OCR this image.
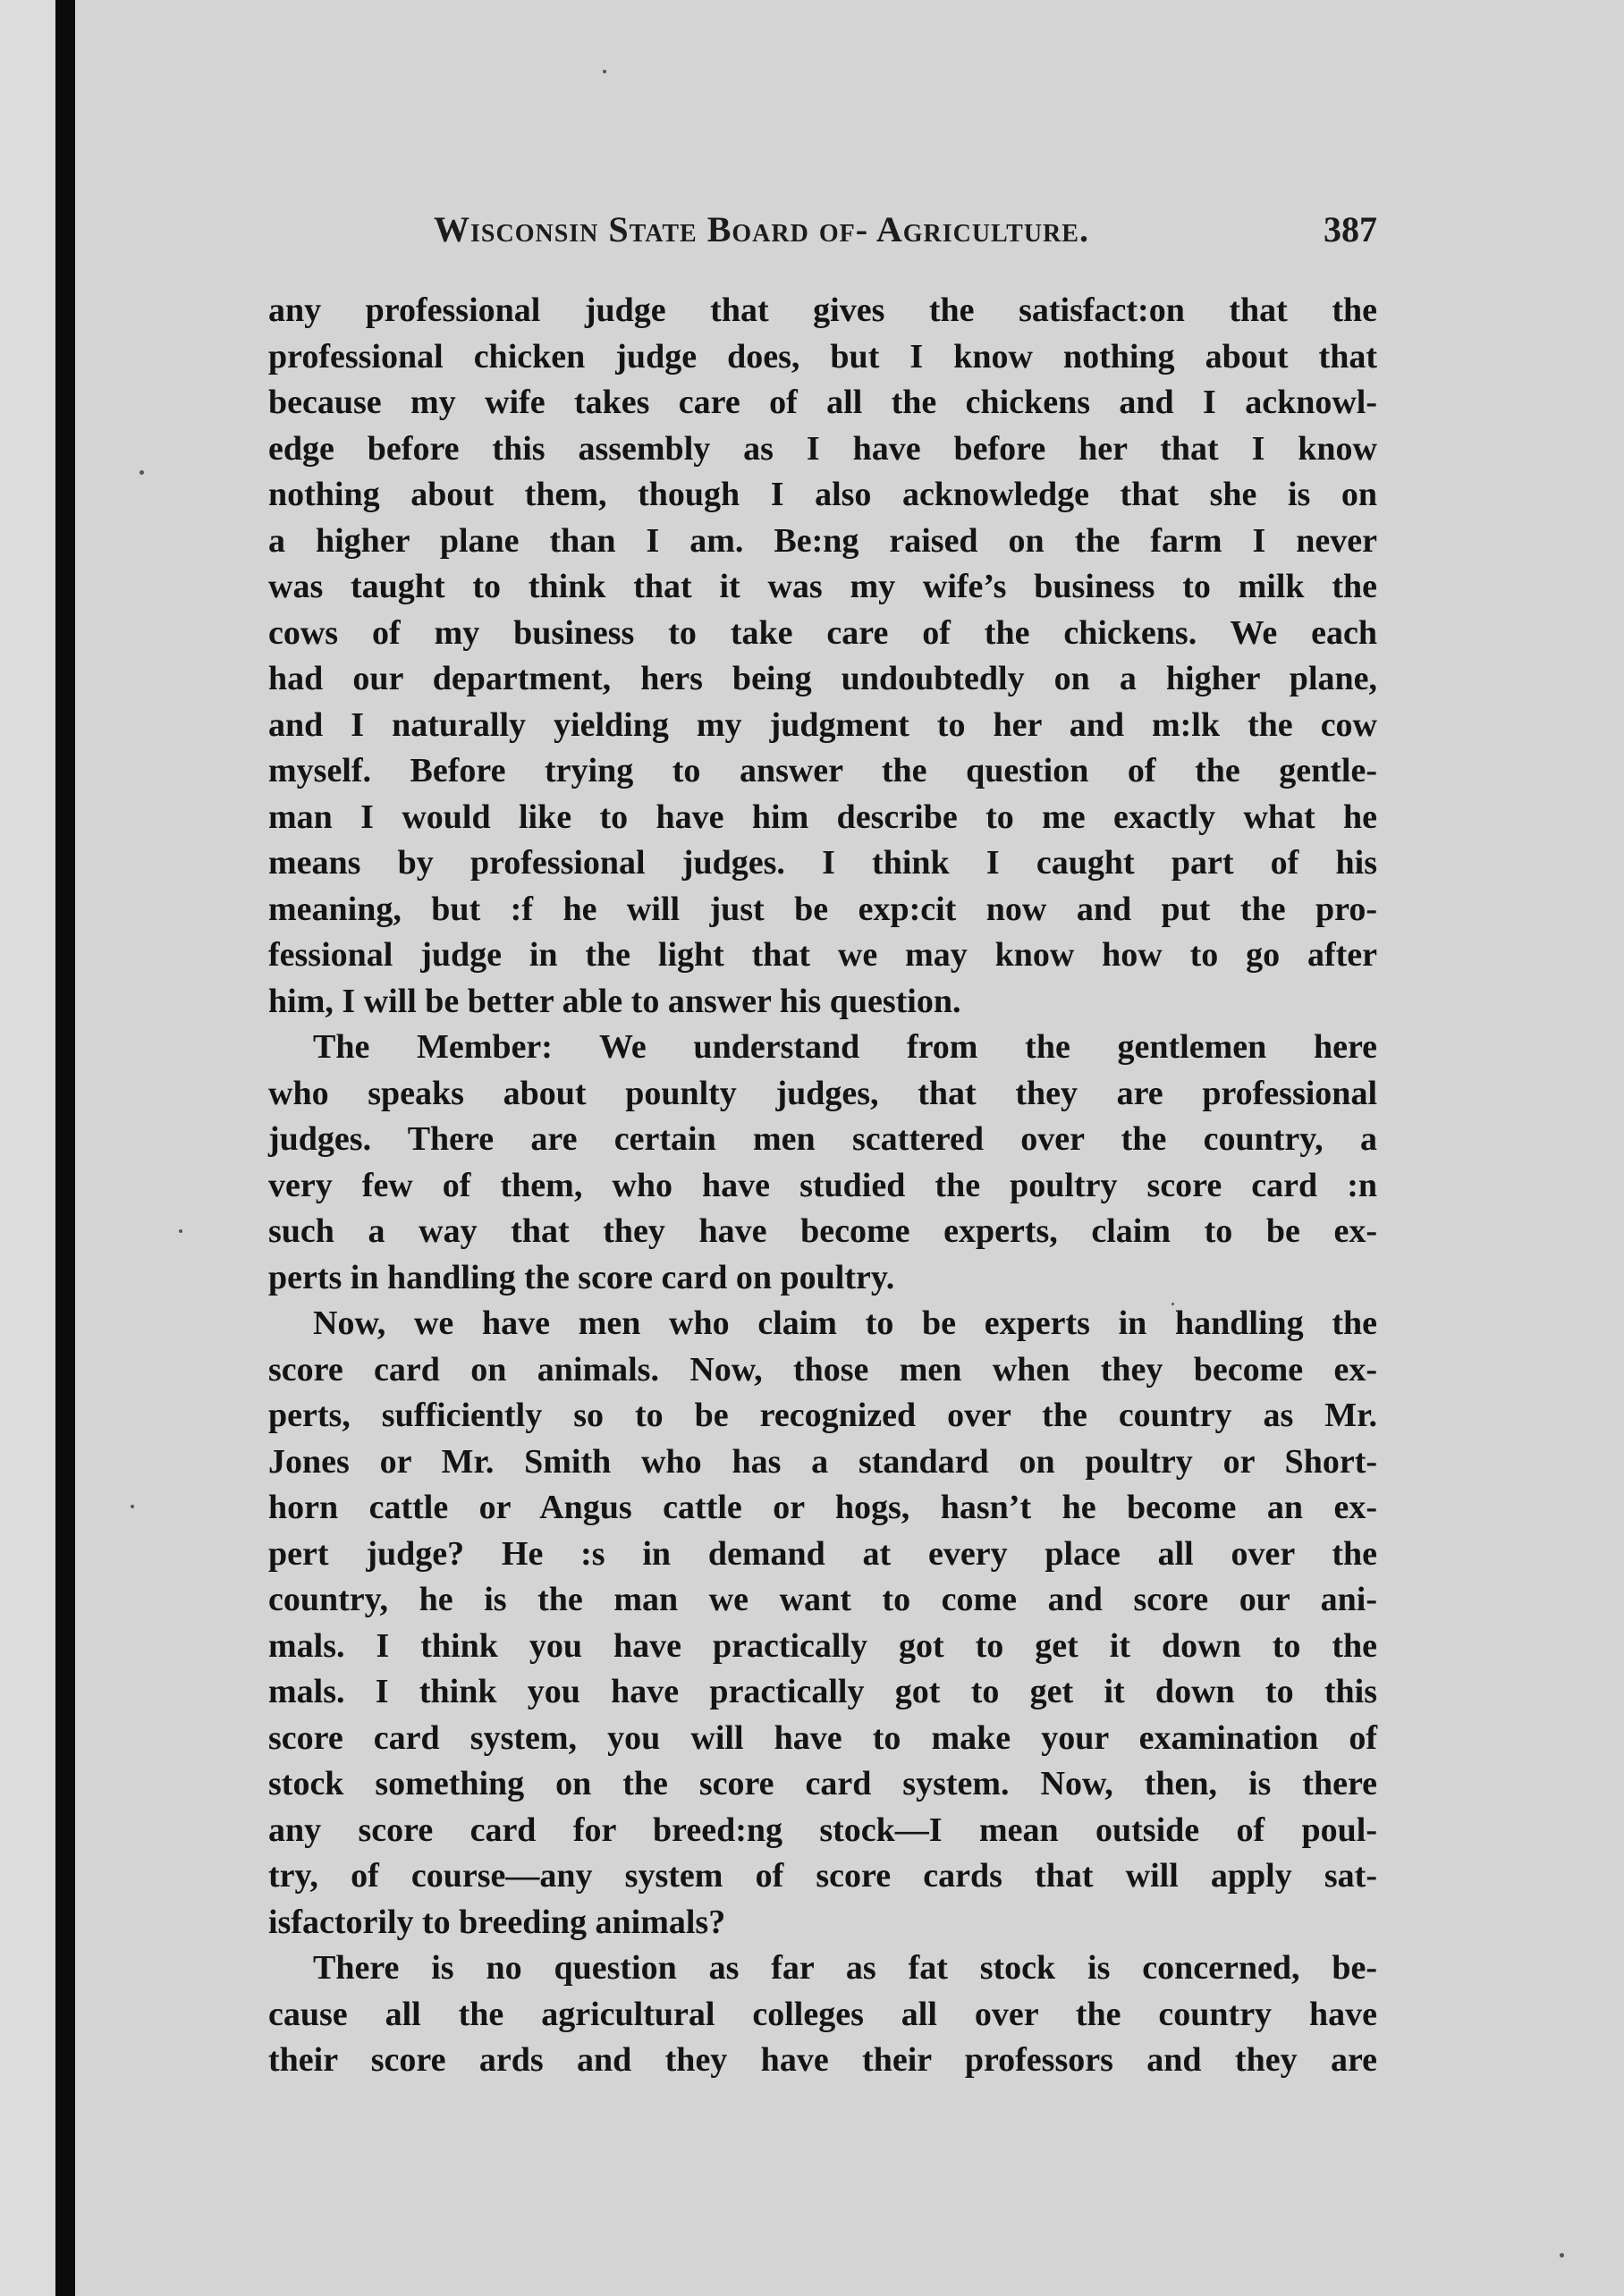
Wisconsin State Board of- Agriculture.	387
any professional judge that gives the satisfact:on that the
professional chicken judge does, but I know nothing about that
because my wife takes care of all the chickens and I acknowl-
edge before this assembly as I have before her that I know
nothing about them, though I also acknowledge that she is on
a higher plane than I am. Be:ng raised on the farm I never
was taught to think that it was my wife’s business to milk the
cows of my business to take care of the chickens. We each
had our department, hers being undoubtedly on a higher plane,
and I naturally yielding my judgment to her and m:lk the cow
myself. Before trying to answer the question of the gentle-
man I would like to have him describe to me exactly what he
means by professional judges. I think I caught part of his
meaning, but :f he will just be exp:cit now and put the pro-
fessional judge in the light that we may know how to go after
him, I will be better able to answer his question.
The Member: We understand from the gentlemen here
who speaks about pounlty judges, that they are professional
judges. There are certain men scattered over the country, a
very few of them, who have studied the poultry score card :n
such a way that they have become experts, claim to be ex-
perts in handling the score card on poultry.
Now, we have men who claim to be experts in handling the
score card on animals. Now, those men when they become ex-
perts, sufficiently so to be recognized over the country as Mr.
Jones or Mr. Smith who has a standard on poultry or Short-
horn cattle or Angus cattle or hogs, hasn’t he become an ex-
pert judge? He :s in demand at every place all over the
country, he is the man we want to come and score our ani-
mals. I think you have practically got to get it down to the
mals. I think you have practically got to get it down to this
score card system, you will have to make your examination of
stock something on the score card system. Now, then, is there
any score card for breed:ng stock—I mean outside of poul-
try, of course—any system of score cards that will apply sat-
isfactorily to breeding animals?
There is no question as far as fat stock is concerned, be-
cause all the agricultural colleges all over the country have
their score ards and they have their professors and they are
